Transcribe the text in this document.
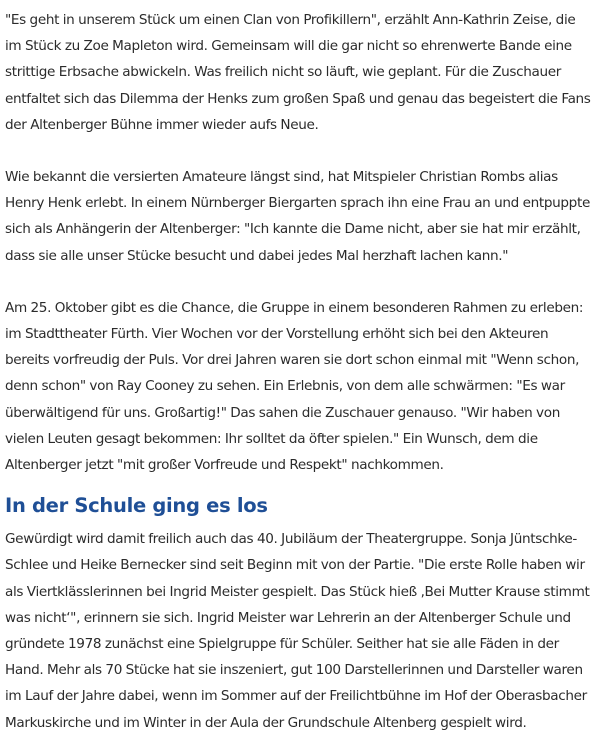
"Es geht in unserem Stück um einen Clan von Profikillern", erzählt Ann-Kathrin Zeise, die im Stück zu Zoe Mapleton wird. Gemeinsam will die gar nicht so ehrenwerte Bande eine strittige Erbsache abwickeln. Was freilich nicht so läuft, wie geplant. Für die Zuschauer entfaltet sich das Dilemma der Henks zum großen Spaß und genau das begeistert die Fans der Altenberger Bühne immer wieder aufs Neue.

Wie bekannt die versierten Amateure längst sind, hat Mitspieler Christian Rombs alias Henry Henk erlebt. In einem Nürnberger Biergarten sprach ihn eine Frau an und entpuppte sich als Anhängerin der Altenberger: "Ich kannte die Dame nicht, aber sie hat mir erzählt, dass sie alle unser Stücke besucht und dabei jedes Mal herzhaft lachen kann."

Am 25. Oktober gibt es die Chance, die Gruppe in einem besonderen Rahmen zu erleben: im Stadttheater Fürth. Vier Wochen vor der Vorstellung erhöht sich bei den Akteuren bereits vorfreudig der Puls. Vor drei Jahren waren sie dort schon einmal mit "Wenn schon, denn schon" von Ray Cooney zu sehen. Ein Erlebnis, von dem alle schwärmen: "Es war überwältigend für uns. Großartig!" Das sahen die Zuschauer genauso. "Wir haben von vielen Leuten gesagt bekommen: Ihr solltet da öfter spielen." Ein Wunsch, dem die Altenberger jetzt "mit großer Vorfreude und Respekt" nachkommen.

In der Schule ging es los

Gewürdigt wird damit freilich auch das 40. Jubiläum der Theatergruppe. Sonja Jüntschke-Schlee und Heike Bernecker sind seit Beginn mit von der Partie. "Die erste Rolle haben wir als Viertklässlerinnen bei Ingrid Meister gespielt. Das Stück hieß ‚Bei Mutter Krause stimmt was nicht‘", erinnern sie sich. Ingrid Meister war Lehrerin an der Altenberger Schule und gründete 1978 zunächst eine Spielgruppe für Schüler. Seither hat sie alle Fäden in der Hand. Mehr als 70 Stücke hat sie inszeniert, gut 100 Darstellerinnen und Darsteller waren im Lauf der Jahre dabei, wenn im Sommer auf der Freilichtbühne im Hof der Oberasbacher Markuskirche und im Winter in der Aula der Grundschule Altenberg gespielt wird.
